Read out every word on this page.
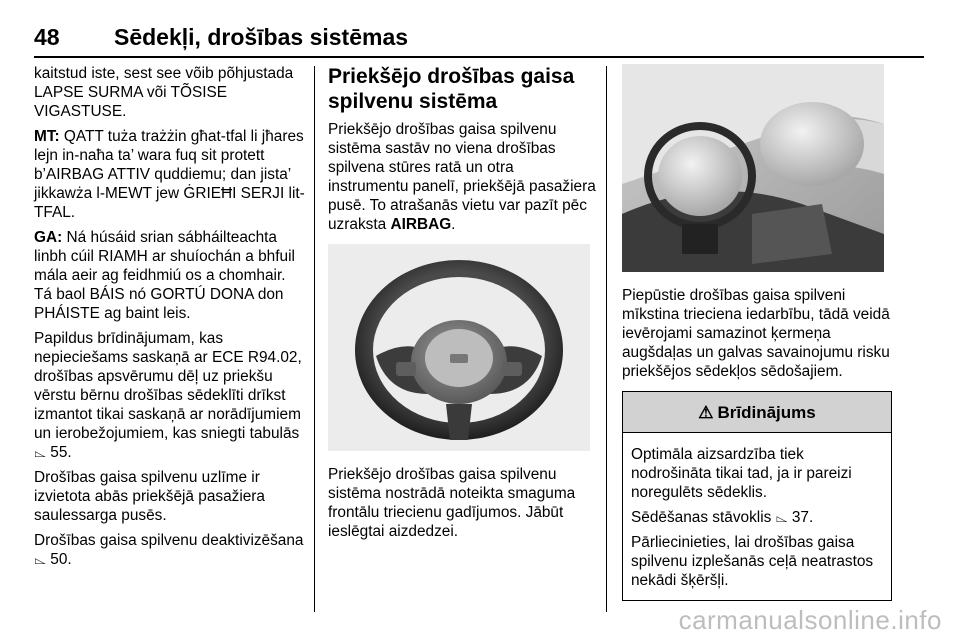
48 Sēdekļi, drošības sistēmas

kaitstud iste, sest see võib põhjustada LAPSE SURMA või TÕSISE VIGASTUSE.

MT: QATT tuża trażżin għat-tfal li jħares lejn in-naħa ta’ wara fuq sit protett b’AIRBAG ATTIV quddiemu; dan jista’ jikkawża l-MEWT jew ĠRIEĦI SERJI lit-TFAL.

GA: Ná húsáid srian sábháilteachta linbh cúil RIAMH ar shuíochán a bhfuil mála aeir ag feidhmiú os a chomhair. Tá baol BÁIS nó GORTÚ DONA don PHÁISTE ag baint leis.

Papildus brīdinājumam, kas nepieciešams saskaņā ar ECE R94.02, drošības apsvērumu dēļ uz priekšu vērstu bērnu drošības sēdeklīti drīkst izmantot tikai saskaņā ar norādījumiem un ierobežojumiem, kas sniegti tabulās ⌳ 55.

Drošības gaisa spilvenu uzlīme ir izvietota abās priekšējā pasažiera saulessarga pusēs.

Drošības gaisa spilvenu deaktivizēšana ⌳ 50.

Priekšējo drošības gaisa spilvenu sistēma

Priekšējo drošības gaisa spilvenu sistēma sastāv no viena drošības spilvena stūres ratā un otra instrumentu panelī, priekšējā pasažiera pusē. To atrašanās vietu var pazīt pēc uzraksta AIRBAG.

Priekšējo drošības gaisa spilvenu sistēma nostrādā noteikta smaguma frontālu triecienu gadījumos. Jābūt ieslēgtai aizdedzei.

Piepūstie drošības gaisa spilveni mīkstina trieciena iedarbību, tādā veidā ievērojami samazinot ķermeņa augšdaļas un galvas savainojumu risku priekšējos sēdekļos sēdošajiem.

⚠ Brīdinājums

Optimāla aizsardzība tiek nodrošināta tikai tad, ja ir pareizi noregulēts sēdeklis.

Sēdēšanas stāvoklis ⌳ 37.

Pārliecinieties, lai drošības gaisa spilvenu izplešanās ceļā neatrastos nekādi šķēršļi.

carmanualsonline.info
